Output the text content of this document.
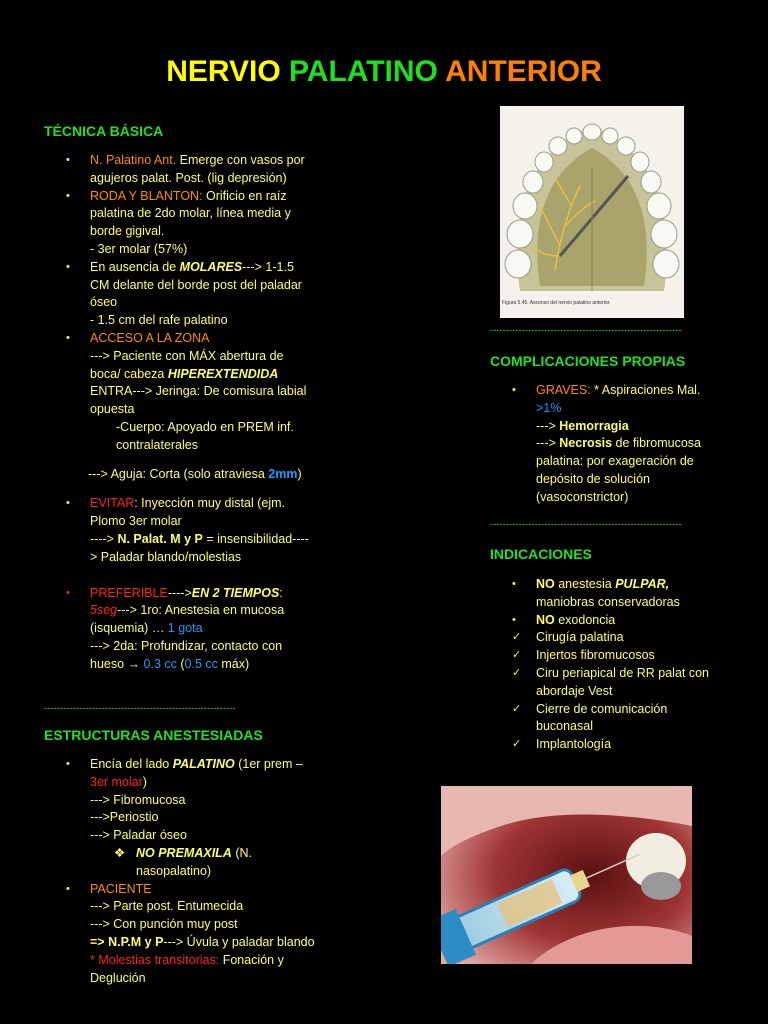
NERVIO PALATINO ANTERIOR
TÉCNICA BÁSICA
• N. Palatino Ant. Emerge con vasos por agujeros palat. Post. (lig depresión)
• RODA Y BLANTON: Orificio en raíz palatina de 2do molar, línea media y borde gigival.
- 3er molar (57%)
• En ausencia de MOLARES---> 1-1.5 CM delante del borde post del paladar óseo
- 1.5 cm del rafe palatino
• ACCESO A LA ZONA
---> Paciente con MÁX abertura de boca/ cabeza HIPEREXTENDIDA
ENTRA---> Jeringa: De comisura labial opuesta
-Cuerpo: Apoyado en PREM inf. contralaterales
---> Aguja: Corta (solo atraviesa 2mm)
• EVITAR: Inyección muy distal (ejm. Plomo 3er molar
----> N. Palat. M y P = insensibilidad----> Paladar blando/molestias
• PREFERIBLE---->EN 2 TIEMPOS:
5seg---> 1ro: Anestesia en mucosa (isquemia) … 1 gota
---> 2da: Profundizar, contacto con hueso → 0.3 cc (0.5 cc máx)
------------------------------------------------------------
ESTRUCTURAS ANESTESIADAS
• Encía del lado PALATINO (1er prem – 3er molar)
---> Fibromucosa
--->Periostio
---> Paladar óseo
❖ NO PREMAXILA (N. nasopalatino)
• PACIENTE
---> Parte post. Entumecida
---> Con punción muy post
=> N.P.M y P---> Úvula y paladar blando
* Molestias transitorias: Fonación y Deglución
Figura 5.45. Ascenso del nervio palatino anterior.
------------------------------------------------------------
COMPLICACIONES PROPIAS
• GRAVES: * Aspiraciones Mal. >1%
---> Hemorragia
---> Necrosis de fibromucosa palatina: por exageración de depósito de solución (vasoconstrictor)
------------------------------------------------------------
INDICACIONES
• NO anestesia PULPAR, maniobras conservadoras
• NO exodoncia
✓ Cirugía palatina
✓ Injertos fibromucosos
✓ Ciru periapical de RR palat con abordaje Vest
✓ Cierre de comunicación buconasal
✓ Implantología
